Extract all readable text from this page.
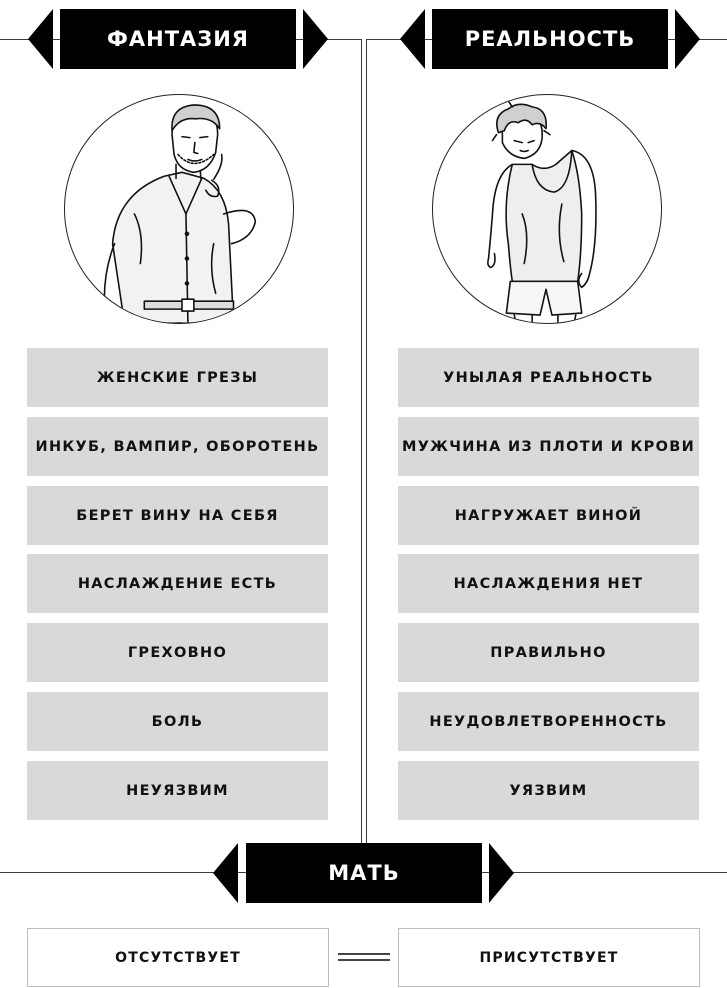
ФАНТАЗИЯ	РЕАЛЬНОСТЬ
ЖЕНСКИЕ ГРЕЗЫ
ИНКУБ, ВАМПИР, ОБОРОТЕНЬ
БЕРЕТ ВИНУ НА СЕБЯ
НАСЛАЖДЕНИЕ ЕСТЬ
ГРЕХОВНО
БОЛЬ
НЕУЯЗВИМ
УНЫЛАЯ РЕАЛЬНОСТЬ
МУЖЧИНА ИЗ ПЛОТИ И КРОВИ
НАГРУЖАЕТ ВИНОЙ
НАСЛАЖДЕНИЯ НЕТ
ПРАВИЛЬНО
НЕУДОВЛЕТВОРЕННОСТЬ
УЯЗВИМ
МАТЬ
ОТСУТСТВУЕТ	ПРИСУТСТВУЕТ
